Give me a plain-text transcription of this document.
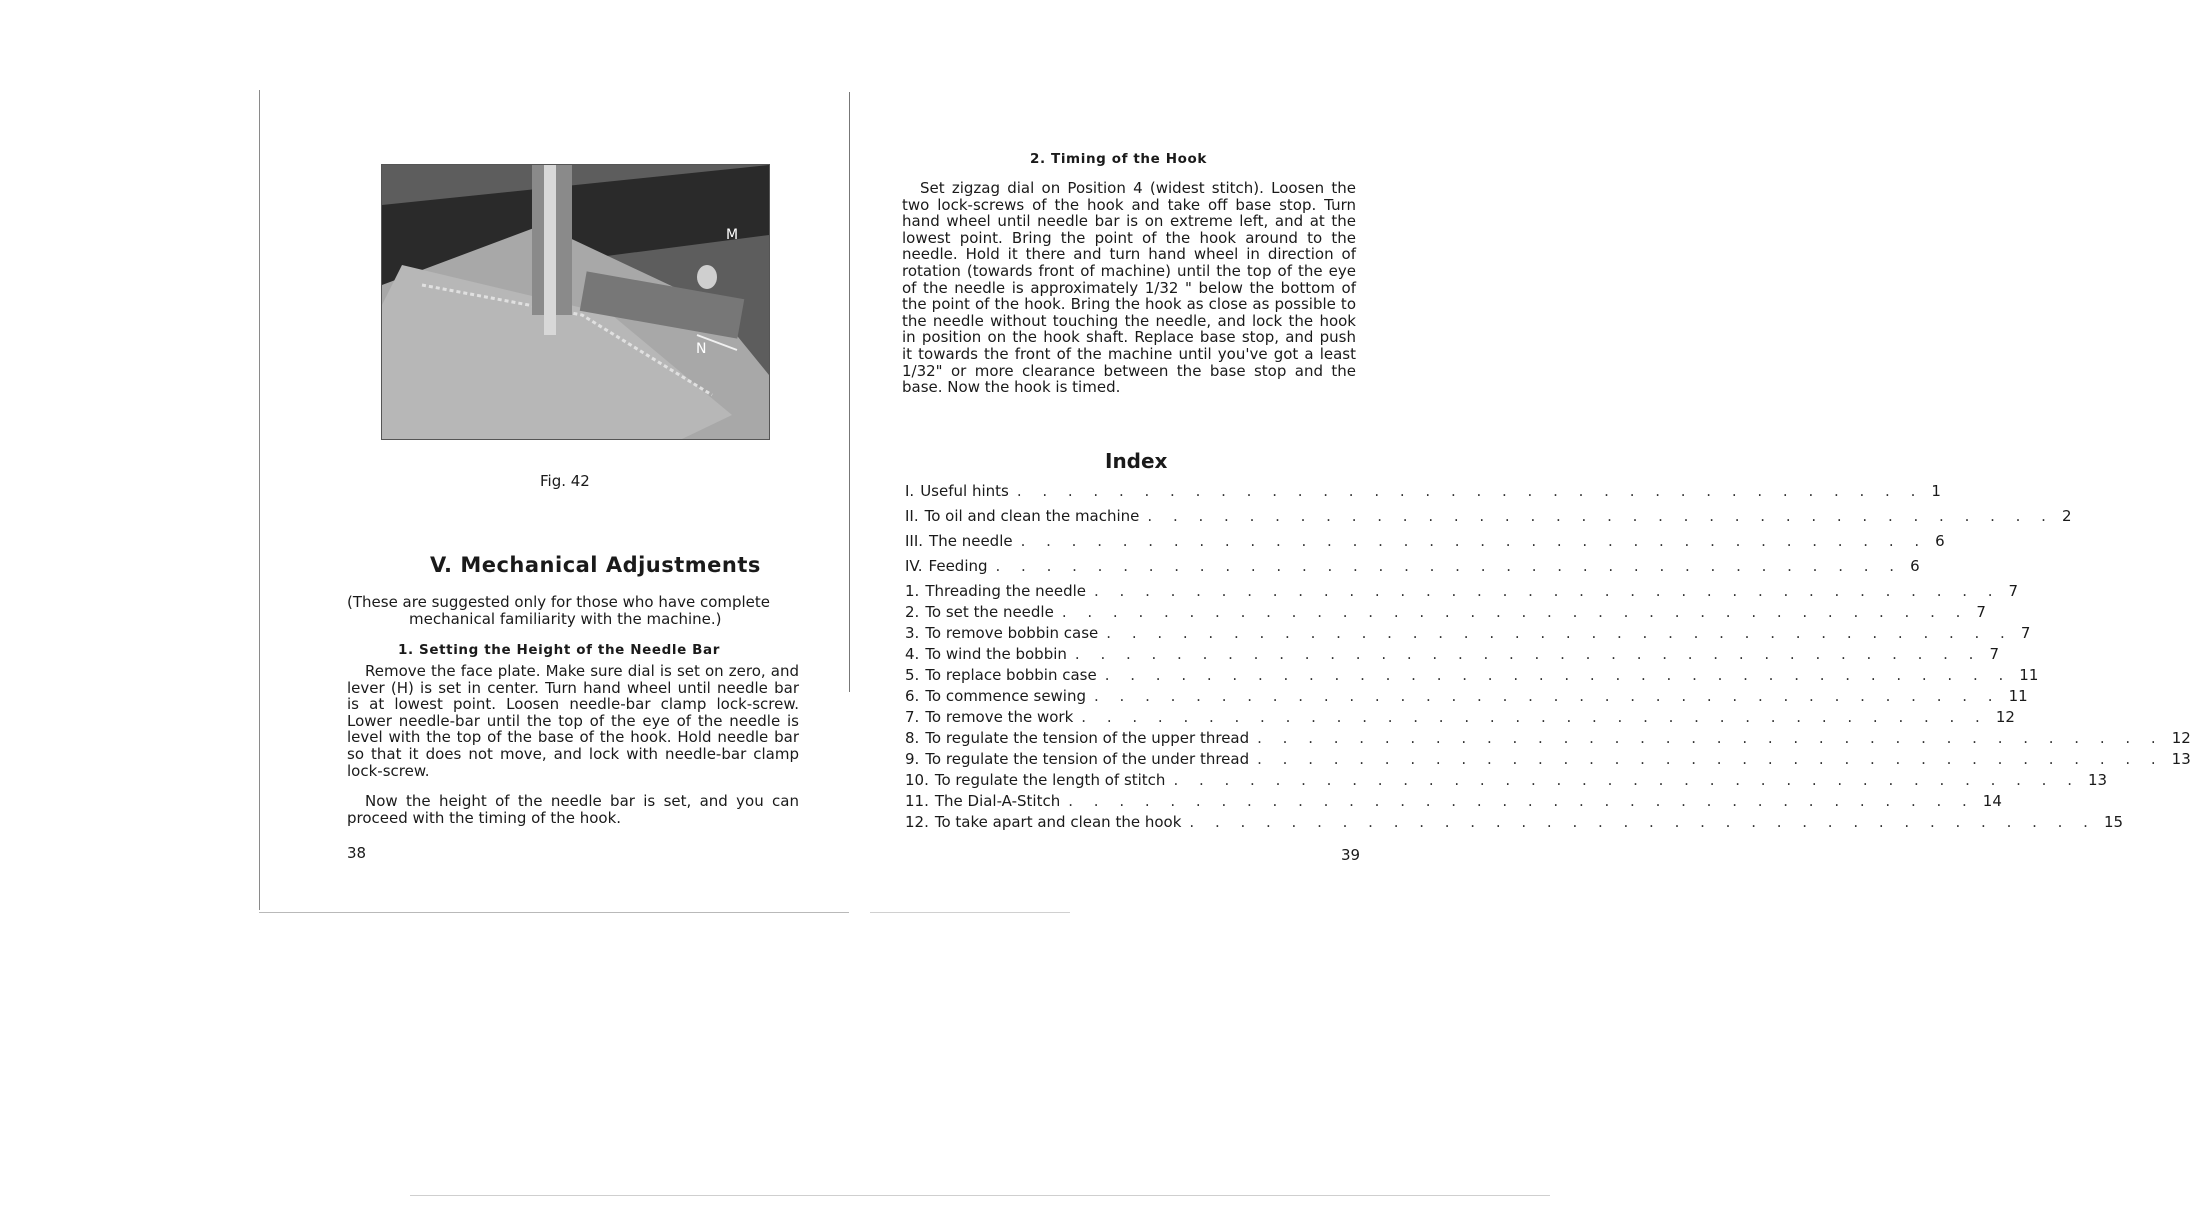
M
N
Fig. 42
V. Mechanical Adjustments
(These are suggested only for those who have complete
mechanical familiarity with the machine.)
1. Setting the Height of the Needle Bar
Remove the face plate. Make sure dial is set on zero, and lever (H) is set in center. Turn hand wheel until needle bar is at lowest point. Loosen needle-bar clamp lock-screw. Lower needle-bar until the top of the eye of the needle is level with the top of the base of the hook. Hold needle bar so that it does not move, and lock with needle-bar clamp lock-screw.
Now the height of the needle bar is set, and you can proceed with the timing of the hook.
38
2. Timing of the Hook
Set zigzag dial on Position 4 (widest stitch). Loosen the two lock-screws of the hook and take off base stop. Turn hand wheel until needle bar is on extreme left, and at the lowest point. Bring the point of the hook around to the needle. Hold it there and turn hand wheel in direction of rotation (towards front of machine) until the top of the eye of the needle is approximately 1/32 " below the bottom of the point of the hook. Bring the hook as close as possible to the needle without touching the needle, and lock the hook in position on the hook shaft. Replace base stop, and push it towards the front of the machine until you've got a least 1/32" or more clearance between the base stop and the base. Now the hook is timed.
Index
I. Useful hints . . . . . . . . . . . . . . . . . . . . . . . . . . . . . . . . . . . . 1
II. To oil and clean the machine . . . . . . . . . . . . . . . . . . . . . . . . . . . . . . . . . . . . 2
III. The needle . . . . . . . . . . . . . . . . . . . . . . . . . . . . . . . . . . . . 6
IV. Feeding . . . . . . . . . . . . . . . . . . . . . . . . . . . . . . . . . . . . 6
1. Threading the needle . . . . . . . . . . . . . . . . . . . . . . . . . . . . . . . . . . . . 7
2. To set the needle . . . . . . . . . . . . . . . . . . . . . . . . . . . . . . . . . . . . 7
3. To remove bobbin case . . . . . . . . . . . . . . . . . . . . . . . . . . . . . . . . . . . . 7
4. To wind the bobbin . . . . . . . . . . . . . . . . . . . . . . . . . . . . . . . . . . . . 7
5. To replace bobbin case . . . . . . . . . . . . . . . . . . . . . . . . . . . . . . . . . . . . 11
6. To commence sewing . . . . . . . . . . . . . . . . . . . . . . . . . . . . . . . . . . . . 11
7. To remove the work . . . . . . . . . . . . . . . . . . . . . . . . . . . . . . . . . . . . 12
8. To regulate the tension of the upper thread . . . . . . . . . . . . . . . . . . . . . . . . . . . . . . . . . . . . 12
9. To regulate the tension of the under thread . . . . . . . . . . . . . . . . . . . . . . . . . . . . . . . . . . . . 13
10. To regulate the length of stitch . . . . . . . . . . . . . . . . . . . . . . . . . . . . . . . . . . . . 13
11. The Dial-A-Stitch . . . . . . . . . . . . . . . . . . . . . . . . . . . . . . . . . . . . 14
12. To take apart and clean the hook . . . . . . . . . . . . . . . . . . . . . . . . . . . . . . . . . . . . 15
39
